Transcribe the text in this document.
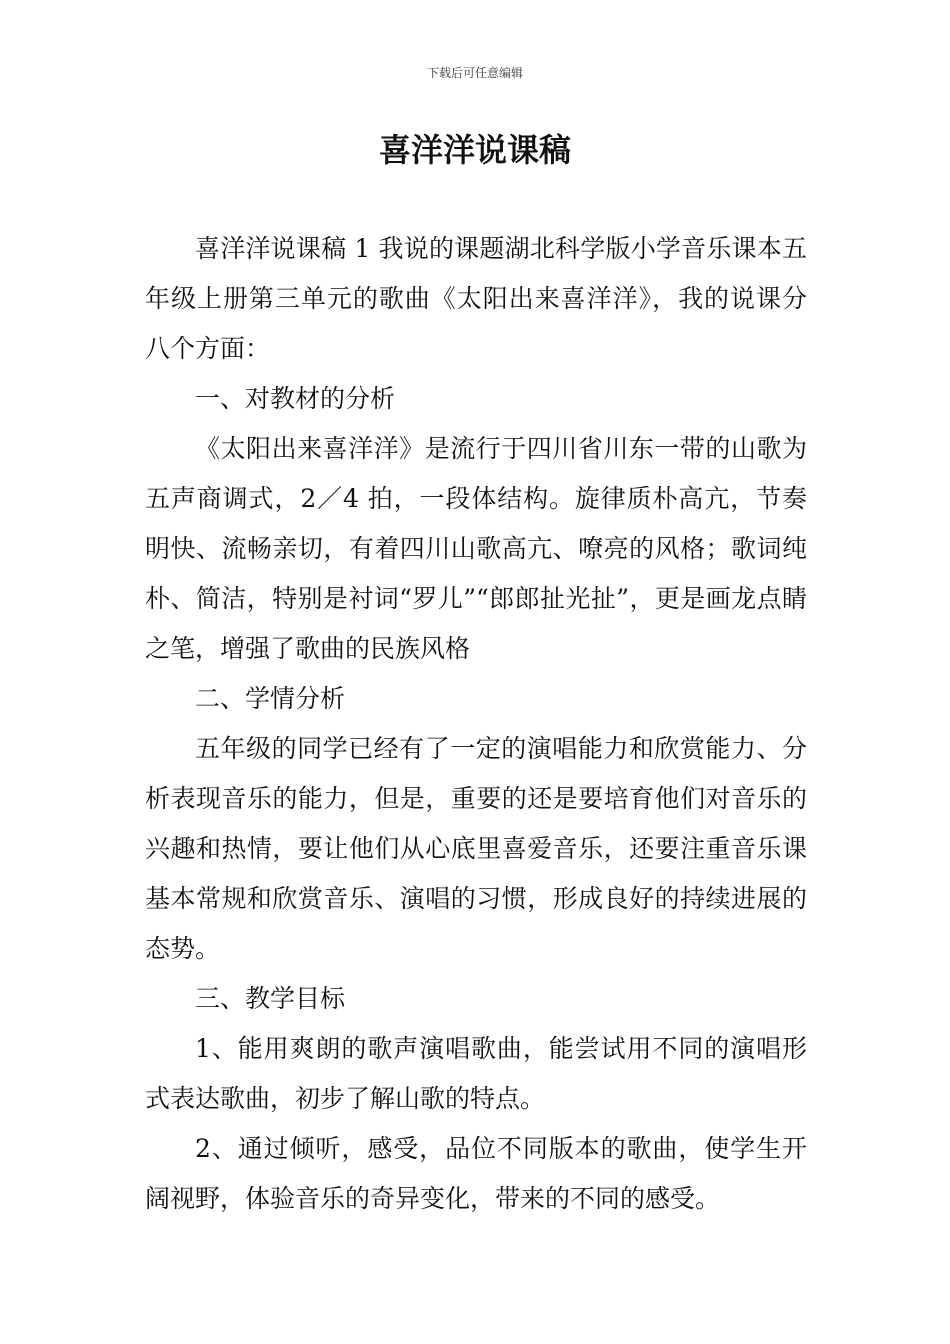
下载后可任意编辑
喜洋洋说课稿

喜洋洋说课稿 1 我说的课题湖北科学版小学音乐课本五年级上册第三单元的歌曲《太阳出来喜洋洋》，我的说课分八个方面：

一、对教材的分析

《太阳出来喜洋洋》是流行于四川省川东一带的山歌为五声商调式，2／4 拍，一段体结构。旋律质朴高亢，节奏明快、流畅亲切，有着四川山歌高亢、嘹亮的风格；歌词纯朴、简洁，特别是衬词“罗儿”“郎郎扯光扯”，更是画龙点睛之笔，增强了歌曲的民族风格

二、学情分析

五年级的同学已经有了一定的演唱能力和欣赏能力、分析表现音乐的能力，但是，重要的还是要培育他们对音乐的兴趣和热情，要让他们从心底里喜爱音乐，还要注重音乐课基本常规和欣赏音乐、演唱的习惯，形成良好的持续进展的态势。

三、教学目标

1、能用爽朗的歌声演唱歌曲，能尝试用不同的演唱形式表达歌曲，初步了解山歌的特点。

2、通过倾听，感受，品位不同版本的歌曲，使学生开阔视野，体验音乐的奇异变化，带来的不同的感受。
